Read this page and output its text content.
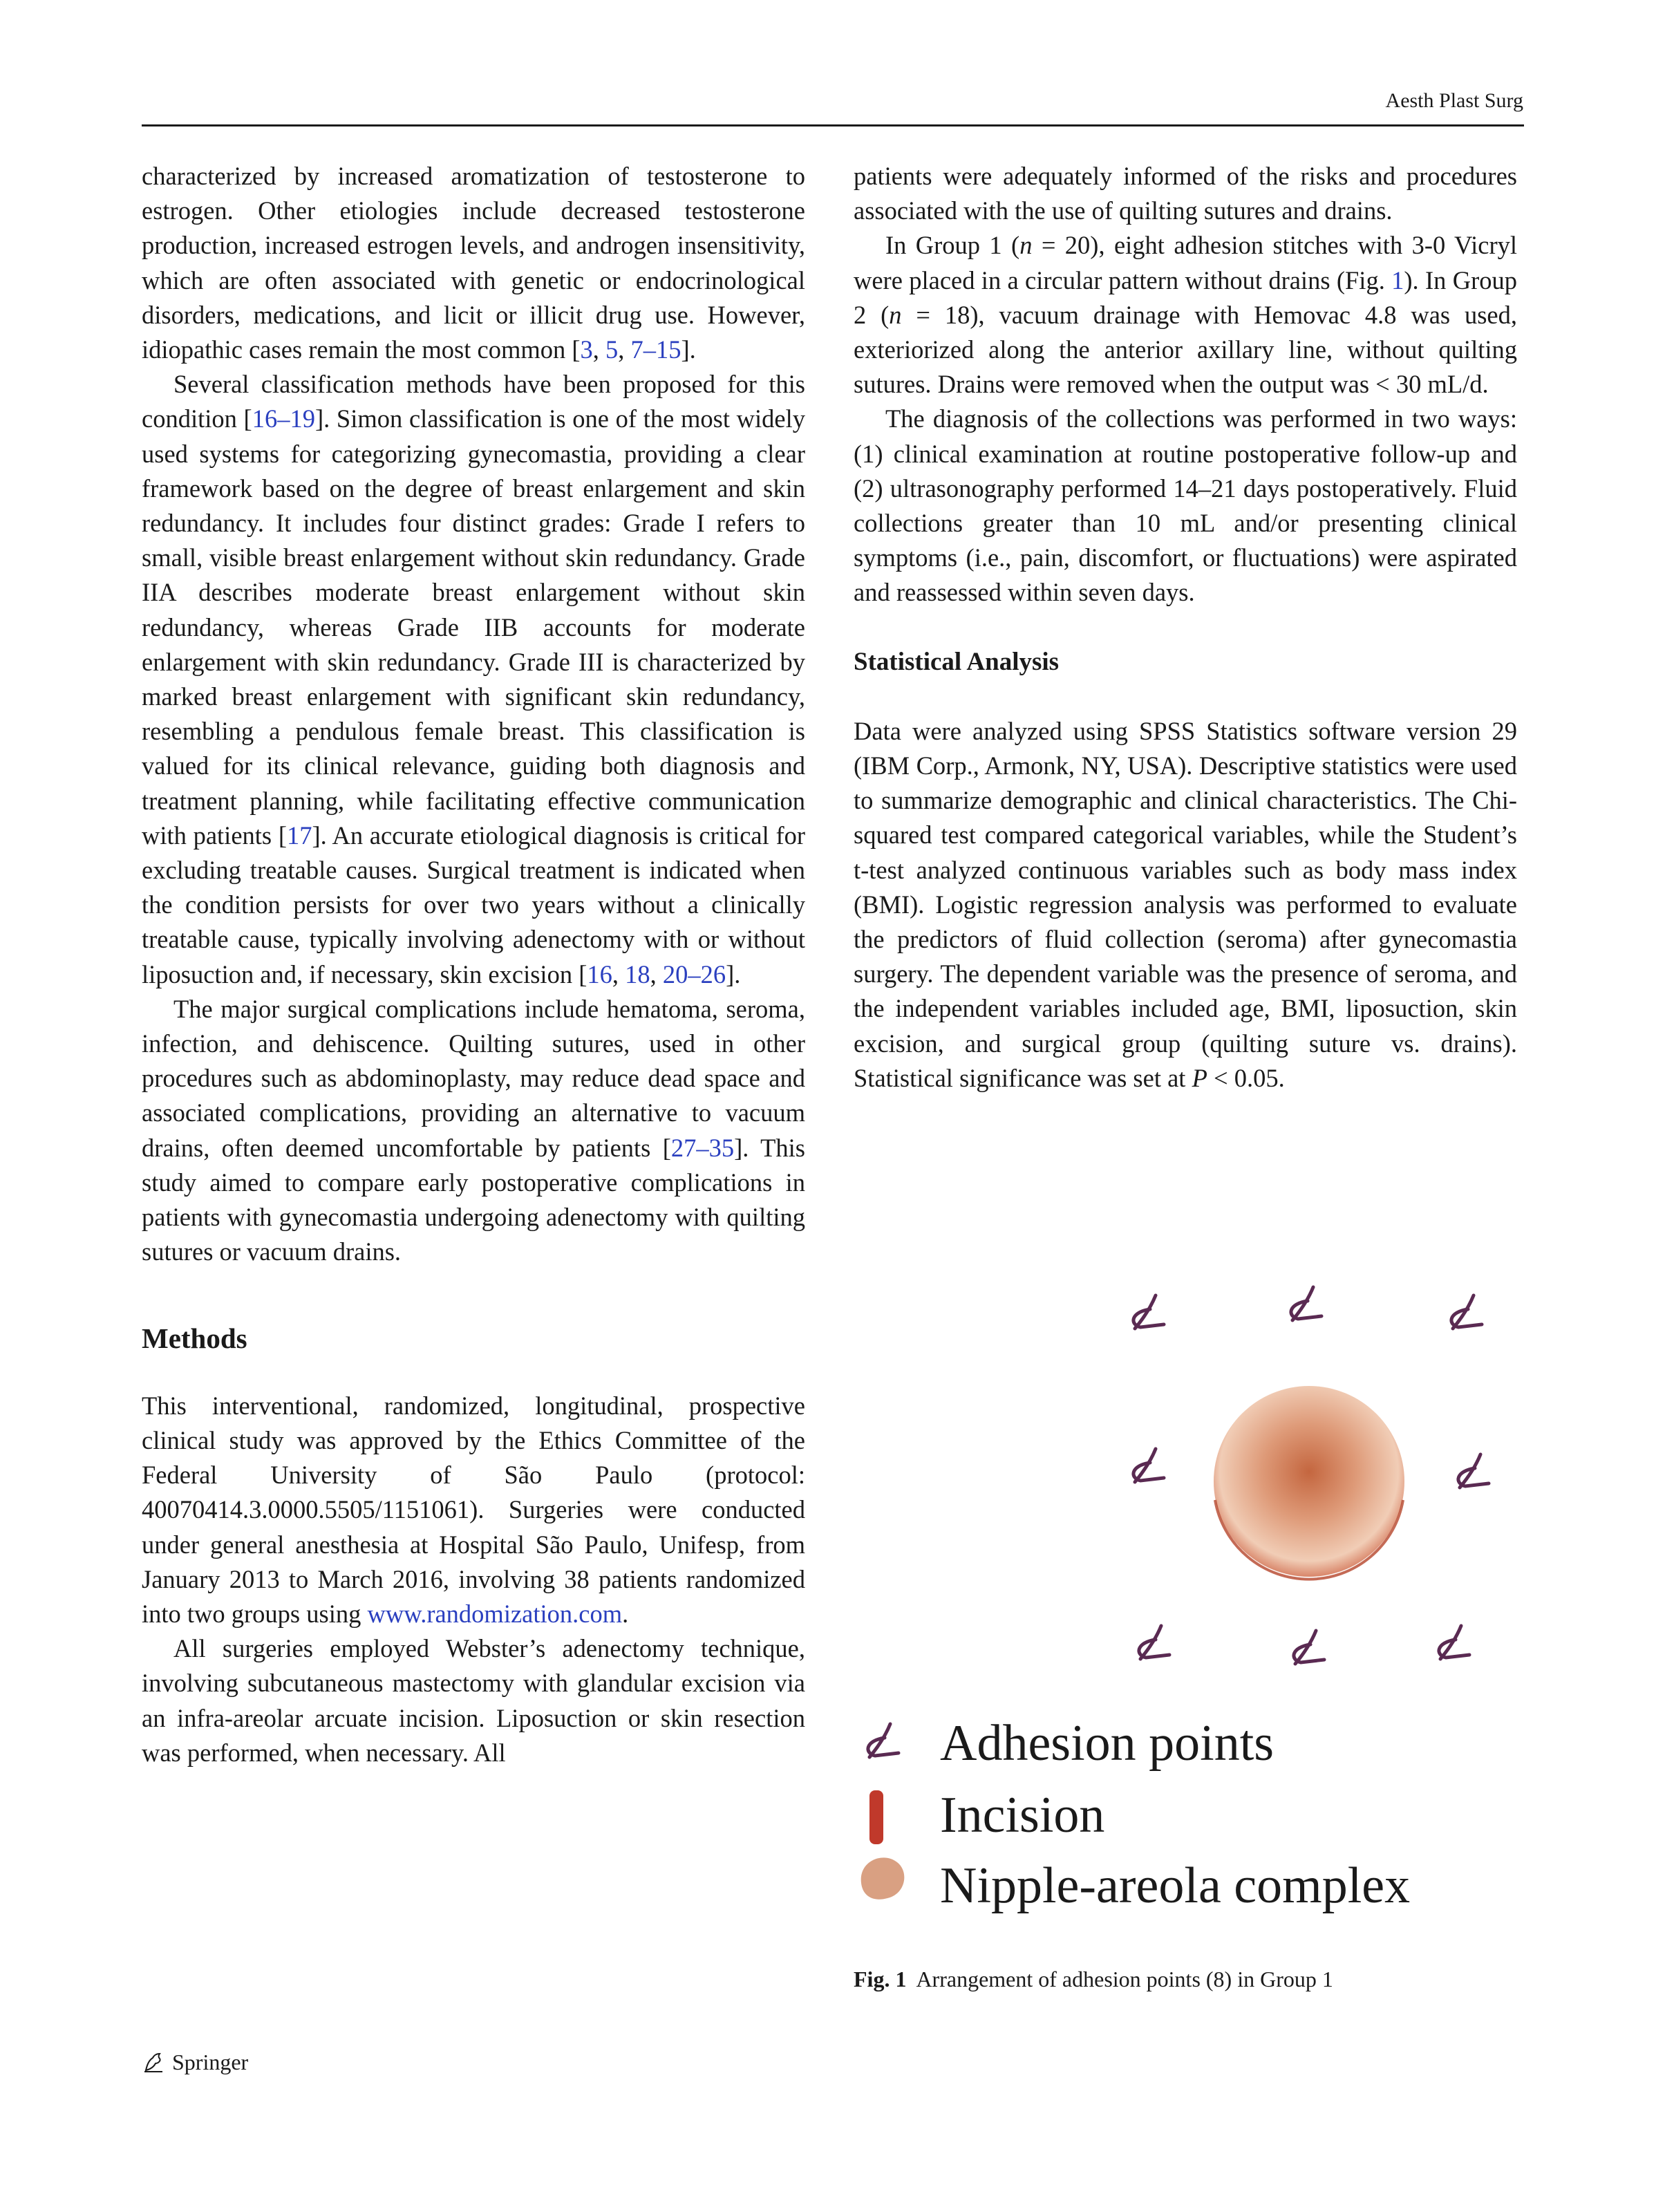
Aesth Plast Surg

characterized by increased aromatization of testosterone to estrogen. Other etiologies include decreased testosterone production, increased estrogen levels, and androgen insensitivity, which are often associated with genetic or endocrinological disorders, medications, and licit or illicit drug use. However, idiopathic cases remain the most common [3, 5, 7–15].

Several classification methods have been proposed for this condition [16–19]. Simon classification is one of the most widely used systems for categorizing gynecomastia, providing a clear framework based on the degree of breast enlargement and skin redundancy. It includes four distinct grades: Grade I refers to small, visible breast enlargement without skin redundancy. Grade IIA describes moderate breast enlargement without skin redundancy, whereas Grade IIB accounts for moderate enlargement with skin redundancy. Grade III is characterized by marked breast enlargement with significant skin redundancy, resembling a pendulous female breast. This classification is valued for its clinical relevance, guiding both diagnosis and treatment planning, while facilitating effective communication with patients [17]. An accurate etiological diagnosis is critical for excluding treatable causes. Surgical treatment is indicated when the condition persists for over two years without a clinically treatable cause, typically involving adenectomy with or without liposuction and, if necessary, skin excision [16, 18, 20–26].

The major surgical complications include hematoma, seroma, infection, and dehiscence. Quilting sutures, used in other procedures such as abdominoplasty, may reduce dead space and associated complications, providing an alternative to vacuum drains, often deemed uncomfortable by patients [27–35]. This study aimed to compare early postoperative complications in patients with gynecomastia undergoing adenectomy with quilting sutures or vacuum drains.

Methods

This interventional, randomized, longitudinal, prospective clinical study was approved by the Ethics Committee of the Federal University of São Paulo (protocol: 40070414.3.0000.5505/1151061). Surgeries were conducted under general anesthesia at Hospital São Paulo, Unifesp, from January 2013 to March 2016, involving 38 patients randomized into two groups using www.randomization.com.

All surgeries employed Webster’s adenectomy technique, involving subcutaneous mastectomy with glandular excision via an infra-areolar arcuate incision. Liposuction or skin resection was performed, when necessary. All

patients were adequately informed of the risks and procedures associated with the use of quilting sutures and drains.

In Group 1 (n = 20), eight adhesion stitches with 3-0 Vicryl were placed in a circular pattern without drains (Fig. 1). In Group 2 (n = 18), vacuum drainage with Hemovac 4.8 was used, exteriorized along the anterior axillary line, without quilting sutures. Drains were removed when the output was < 30 mL/d.

The diagnosis of the collections was performed in two ways: (1) clinical examination at routine postoperative follow-up and (2) ultrasonography performed 14–21 days postoperatively. Fluid collections greater than 10 mL and/or presenting clinical symptoms (i.e., pain, discomfort, or fluctuations) were aspirated and reassessed within seven days.

Statistical Analysis

Data were analyzed using SPSS Statistics software version 29 (IBM Corp., Armonk, NY, USA). Descriptive statistics were used to summarize demographic and clinical characteristics. The Chi-squared test compared categorical variables, while the Student’s t-test analyzed continuous variables such as body mass index (BMI). Logistic regression analysis was performed to evaluate the predictors of fluid collection (seroma) after gynecomastia surgery. The dependent variable was the presence of seroma, and the independent variables included age, BMI, liposuction, skin excision, and surgical group (quilting suture vs. drains). Statistical significance was set at P < 0.05.

Adhesion points
Incision
Nipple-areola complex
Fig. 1 Arrangement of adhesion points (8) in Group 1
Springer
